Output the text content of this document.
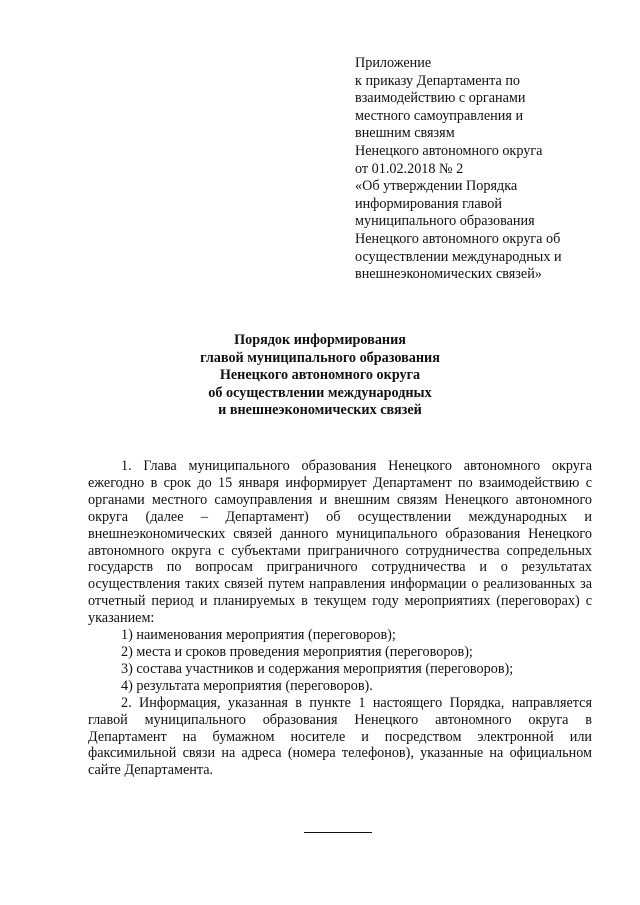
Приложение
к приказу Департамента по
взаимодействию с органами
местного самоуправления и
внешним связям
Ненецкого автономного округа
от 01.02.2018 № 2
«Об утверждении Порядка
информирования главой
муниципального образования
Ненецкого автономного округа об
осуществлении международных и
внешнеэкономических связей»
Порядок информирования
главой муниципального образования
Ненецкого автономного округа
об осуществлении международных
и внешнеэкономических связей
1. Глава муниципального образования Ненецкого автономного округа ежегодно в срок до 15 января информирует Департамент по взаимодействию с органами местного самоуправления и внешним связям Ненецкого автономного округа (далее – Департамент) об осуществлении международных и внешнеэкономических связей данного муниципального образования Ненецкого автономного округа с субъектами приграничного сотрудничества сопредельных государств по вопросам приграничного сотрудничества и о результатах осуществления таких связей путем направления информации о реализованных за отчетный период и планируемых в текущем году мероприятиях (переговорах) с указанием:
1) наименования мероприятия (переговоров);
2) места и сроков проведения мероприятия (переговоров);
3) состава участников и содержания мероприятия (переговоров);
4) результата мероприятия (переговоров).
2. Информация, указанная в пункте 1 настоящего Порядка, направляется главой муниципального образования Ненецкого автономного округа в Департамент на бумажном носителе и посредством электронной или факсимильной связи на адреса (номера телефонов), указанные на официальном сайте Департамента.
